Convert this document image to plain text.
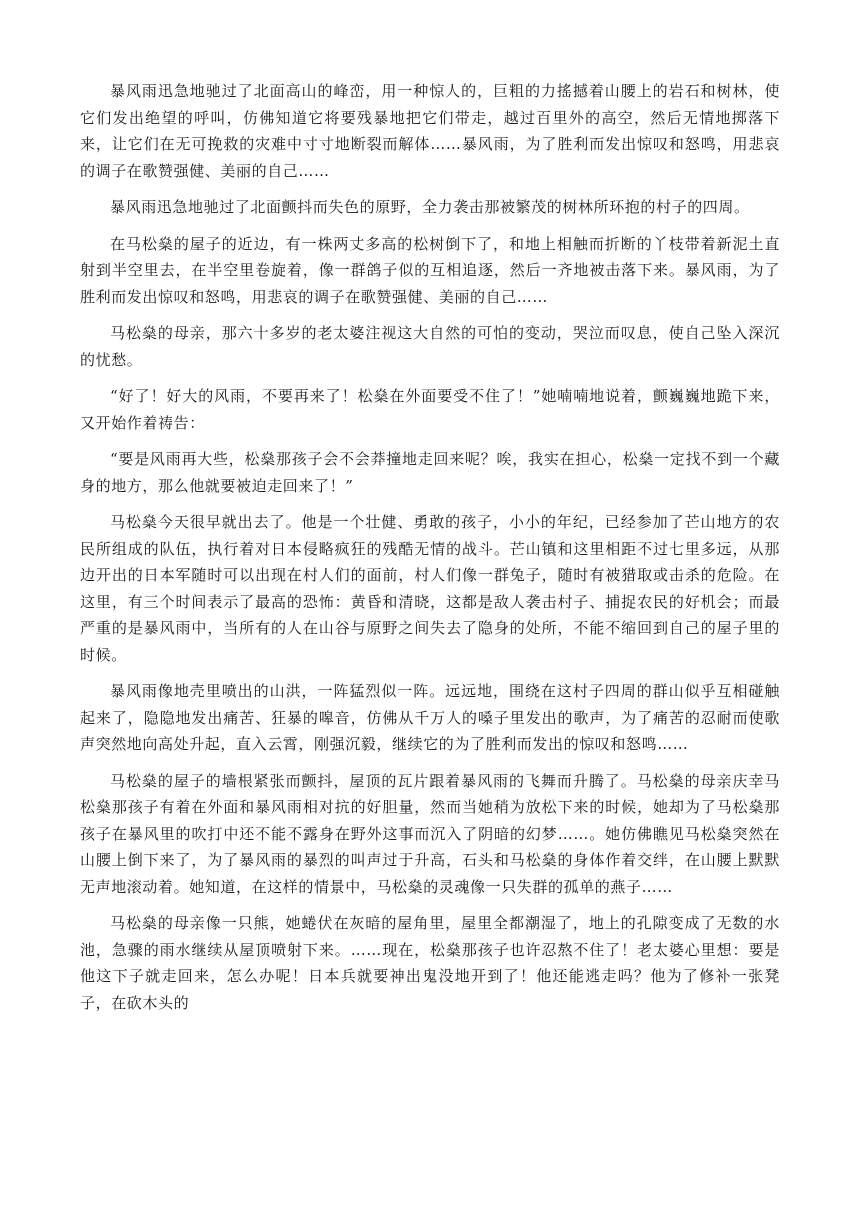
暴风雨迅急地驰过了北面高山的峰峦，用一种惊人的，巨粗的力搖撼着山腰上的岩石和树林，使它们发出绝望的呼叫，仿佛知道它将要残暴地把它们带走，越过百里外的高空，然后无情地掷落下来，让它们在无可挽救的灾难中寸寸地断裂而解体……暴风雨，为了胜利而发出惊叹和怒鸣，用悲哀的调子在歌赞强健、美丽的自己……

暴风雨迅急地驰过了北面颤抖而失色的原野，全力袭击那被繁茂的树林所环抱的村子的四周。

在马松燊的屋子的近边，有一株两丈多高的松树倒下了，和地上相触而折断的丫枝带着新泥土直射到半空里去，在半空里卷旋着，像一群鸽子似的互相追逐，然后一齐地被击落下来。暴风雨，为了胜利而发出惊叹和怒鸣，用悲哀的调子在歌赞强健、美丽的自己……

马松燊的母亲，那六十多岁的老太婆注视这大自然的可怕的变动，哭泣而叹息，使自己坠入深沉的忧愁。

“好了！好大的风雨，不要再来了！松燊在外面要受不住了！”她喃喃地说着，颤巍巍地跪下来，又开始作着祷告：

“要是风雨再大些，松燊那孩子会不会莽撞地走回来呢？唉，我实在担心，松燊一定找不到一个藏身的地方，那么他就要被迫走回来了！”

马松燊今天很早就出去了。他是一个壮健、勇敢的孩子，小小的年纪，已经参加了芒山地方的农民所组成的队伍，执行着对日本侵略疯狂的残酷无情的战斗。芒山镇和这里相距不过七里多远，从那边开出的日本军随时可以出现在村人们的面前，村人们像一群兔子，随时有被猎取或击杀的危险。在这里，有三个时间表示了最高的恐怖：黄昏和清晓，这都是敌人袭击村子、捕捉农民的好机会；而最严重的是暴风雨中，当所有的人在山谷与原野之间失去了隐身的处所，不能不缩回到自己的屋子里的时候。

暴风雨像地壳里喷出的山洪，一阵猛烈似一阵。远远地，围绕在这村子四周的群山似乎互相碰触起来了，隐隐地发出痛苦、狂暴的嗥音，仿佛从千万人的嗓子里发出的歌声，为了痛苦的忍耐而使歌声突然地向高处升起，直入云霄，刚强沉毅，继续它的为了胜利而发出的惊叹和怒鸣……

马松燊的屋子的墙根紧张而颤抖，屋顶的瓦片跟着暴风雨的飞舞而升腾了。马松燊的母亲庆幸马松燊那孩子有着在外面和暴风雨相对抗的好胆量，然而当她稍为放松下来的时候，她却为了马松燊那孩子在暴风里的吹打中还不能不露身在野外这事而沉入了阴暗的幻梦……。她仿佛瞧见马松燊突然在山腰上倒下来了，为了暴风雨的暴烈的叫声过于升高，石头和马松燊的身体作着交绊，在山腰上默默无声地滚动着。她知道，在这样的情景中，马松燊的灵魂像一只失群的孤单的燕子……

马松燊的母亲像一只熊，她蜷伏在灰暗的屋角里，屋里全都潮湿了，地上的孔隙变成了无数的水池，急骤的雨水继续从屋顶喷射下来。……现在，松燊那孩子也许忍熬不住了！老太婆心里想：要是他这下子就走回来，怎么办呢！日本兵就要神出鬼没地开到了！他还能逃走吗？他为了修补一张凳子，在砍木头的
